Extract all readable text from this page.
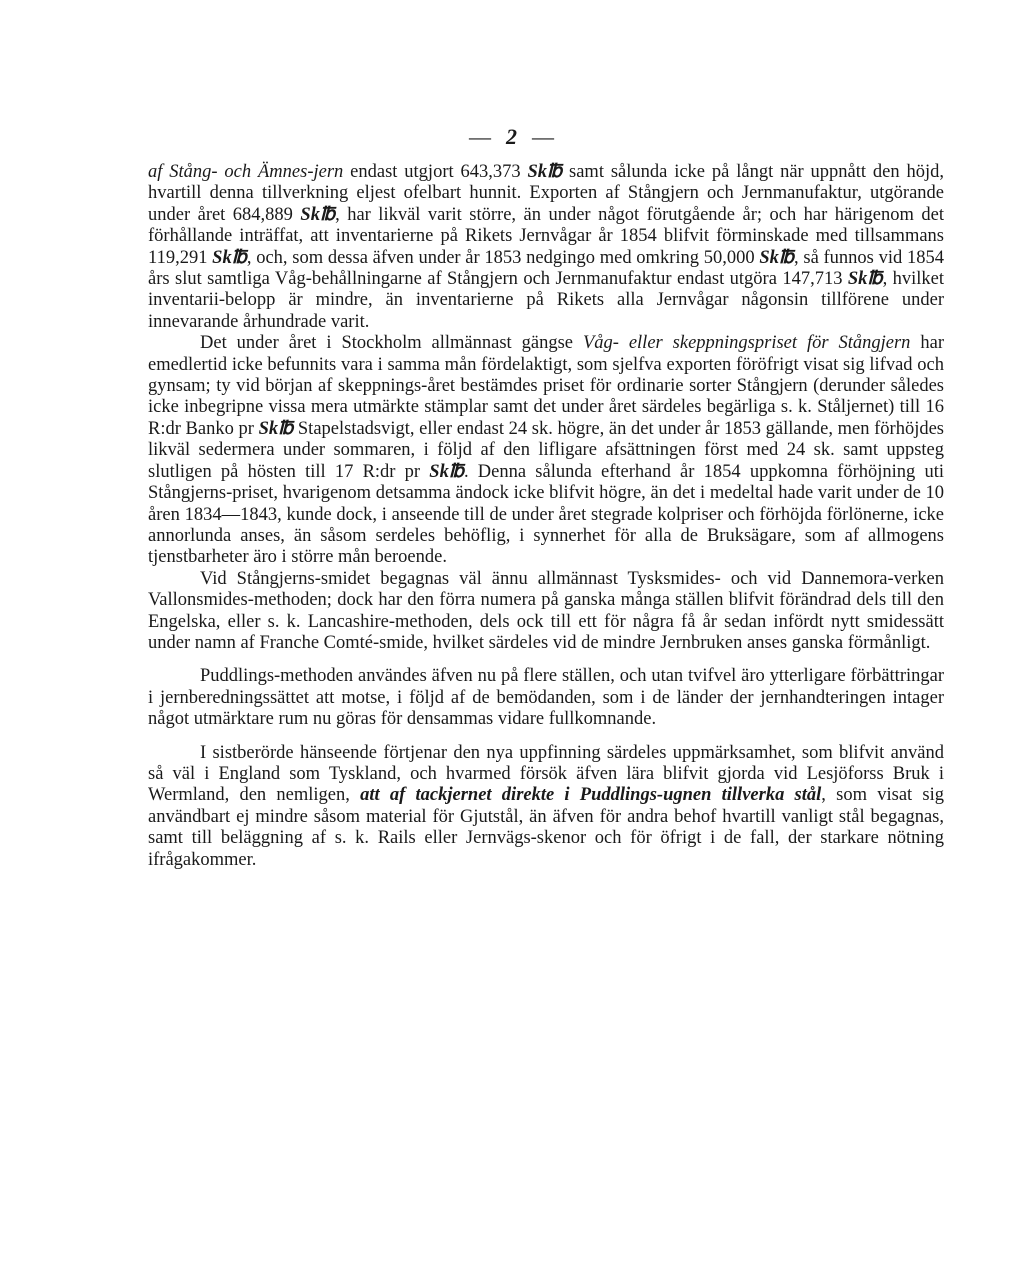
— 2 —

af Stång- och Ämnes-jern endast utgjort 643,373 Sk℔ samt sålunda icke på långt när uppnått den höjd, hvartill denna tillverkning eljest ofelbart hunnit. Exporten af Stångjern och Jernmanufaktur, utgörande under året 684,889 Sk℔, har likväl varit större, än under något förutgående år; och har härigenom det förhållande inträffat, att inventarierne på Rikets Jernvågar år 1854 blifvit förminskade med tillsammans 119,291 Sk℔, och, som dessa äfven under år 1853 nedgingo med omkring 50,000 Sk℔, så funnos vid 1854 års slut samtliga Våg-behållningarne af Stångjern och Jernmanufaktur endast utgöra 147,713 Sk℔, hvilket inventarii-belopp är mindre, än inventarierne på Rikets alla Jernvågar någonsin tillförene under innevarande århundrade varit.

Det under året i Stockholm allmännast gängse Våg- eller skeppningspriset för Stångjern har emedlertid icke befunnits vara i samma mån fördelaktigt, som sjelfva exporten föröfrigt visat sig lifvad och gynsam; ty vid början af skeppnings-året bestämdes priset för ordinarie sorter Stångjern (derunder således icke inbegripne vissa mera utmärkte stämplar samt det under året särdeles begärliga s. k. Ståljernet) till 16 R:dr Banko pr Sk℔ Stapelstadsvigt, eller endast 24 sk. högre, än det under år 1853 gällande, men förhöjdes likväl sedermera under sommaren, i följd af den lifligare afsättningen först med 24 sk. samt uppsteg slutligen på hösten till 17 R:dr pr Sk℔. Denna sålunda efterhand år 1854 uppkomna förhöjning uti Stångjerns-priset, hvarigenom detsamma ändock icke blifvit högre, än det i medeltal hade varit under de 10 åren 1834—1843, kunde dock, i anseende till de under året stegrade kolpriser och förhöjda förlönerne, icke annorlunda anses, än såsom serdeles behöflig, i synnerhet för alla de Bruksägare, som af allmogens tjenstbarheter äro i större mån beroende.

Vid Stångjerns-smidet begagnas väl ännu allmännast Tysksmides- och vid Dannemora-verken Vallonsmides-methoden; dock har den förra numera på ganska många ställen blifvit förändrad dels till den Engelska, eller s. k. Lancashire-methoden, dels ock till ett för några få år sedan infördt nytt smidessätt under namn af Franche Comté-smide, hvilket särdeles vid de mindre Jernbruken anses ganska förmånligt.

Puddlings-methoden användes äfven nu på flere ställen, och utan tvifvel äro ytterligare förbättringar i jernberedningssättet att motse, i följd af de bemödanden, som i de länder der jernhandteringen intager något utmärktare rum nu göras för densammas vidare fullkomnande.

I sistberörde hänseende förtjenar den nya uppfinning särdeles uppmärksamhet, som blifvit använd så väl i England som Tyskland, och hvarmed försök äfven lära blifvit gjorda vid Lesjöforss Bruk i Wermland, den nemligen, att af tackjernet direkte i Puddlings-ugnen tillverka stål, som visat sig användbart ej mindre såsom material för Gjutstål, än äfven för andra behof hvartill vanligt stål begagnas, samt till beläggning af s. k. Rails eller Jernvägs-skenor och för öfrigt i de fall, der starkare nötning ifrågakommer.
